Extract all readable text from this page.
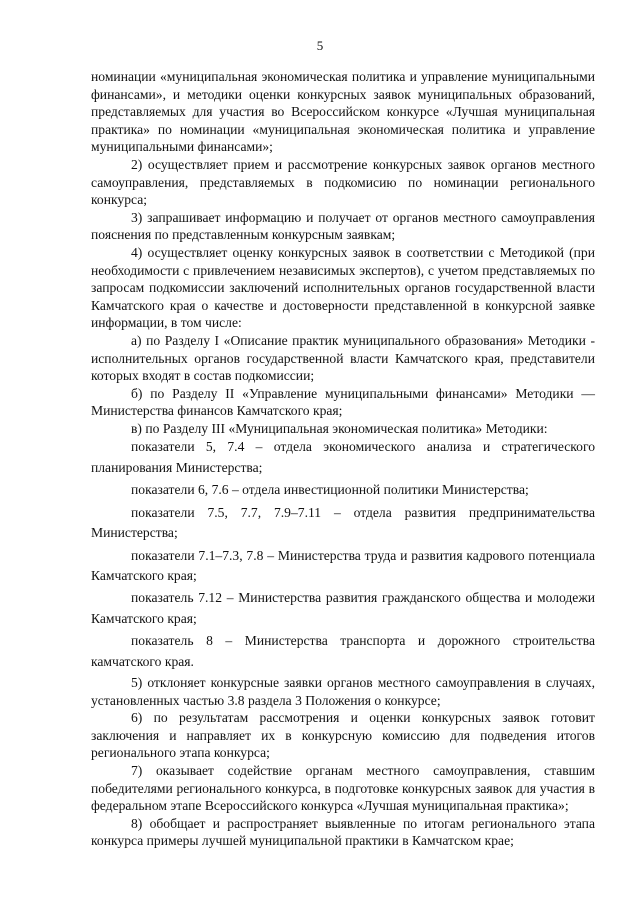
5

номинации «муниципальная экономическая политика и управление муниципальными финансами», и методики оценки конкурсных заявок муниципальных образований, представляемых для участия во Всероссийском конкурсе «Лучшая муниципальная практика» по номинации «муниципальная экономическая политика и управление муниципальными финансами»;

2) осуществляет прием и рассмотрение конкурсных заявок органов местного самоуправления, представляемых в подкомисию по номинации регионального конкурса;

3) запрашивает информацию и получает от органов местного самоуправления пояснения по представленным конкурсным заявкам;

4) осуществляет оценку конкурсных заявок в соответствии с Методикой (при необходимости с привлечением независимых экспертов), с учетом представляемых по запросам подкомиссии заключений исполнительных органов государственной власти Камчатского края о качестве и достоверности представленной в конкурсной заявке информации, в том числе:

а) по Разделу I «Описание практик муниципального образования» Методики - исполнительных органов государственной власти Камчатского края, представители которых входят в состав подкомиссии;

б) по Разделу II «Управление муниципальными финансами» Методики — Министерства финансов Камчатского края;

в) по Разделу III «Муниципальная экономическая политика» Методики:

показатели 5, 7.4 – отдела экономического анализа и стратегического планирования Министерства;

показатели 6, 7.6 – отдела инвестиционной политики Министерства;

показатели 7.5, 7.7, 7.9–7.11 – отдела развития предпринимательства Министерства;

показатели 7.1–7.3, 7.8 – Министерства труда и развития кадрового потенциала Камчатского края;

показатель 7.12 – Министерства развития гражданского общества и молодежи Камчатского края;

показатель 8 – Министерства транспорта и дорожного строительства камчатского края.

5) отклоняет конкурсные заявки органов местного самоуправления в случаях, установленных частью 3.8 раздела 3 Положения о конкурсе;

6) по результатам рассмотрения и оценки конкурсных заявок готовит заключения и направляет их в конкурсную комиссию для подведения итогов регионального этапа конкурса;

7) оказывает содействие органам местного самоуправления, ставшим победителями регионального конкурса, в подготовке конкурсных заявок для участия в федеральном этапе Всероссийского конкурса «Лучшая муниципальная практика»;

8) обобщает и распространяет выявленные по итогам регионального этапа конкурса примеры лучшей муниципальной практики в Камчатском крае;
